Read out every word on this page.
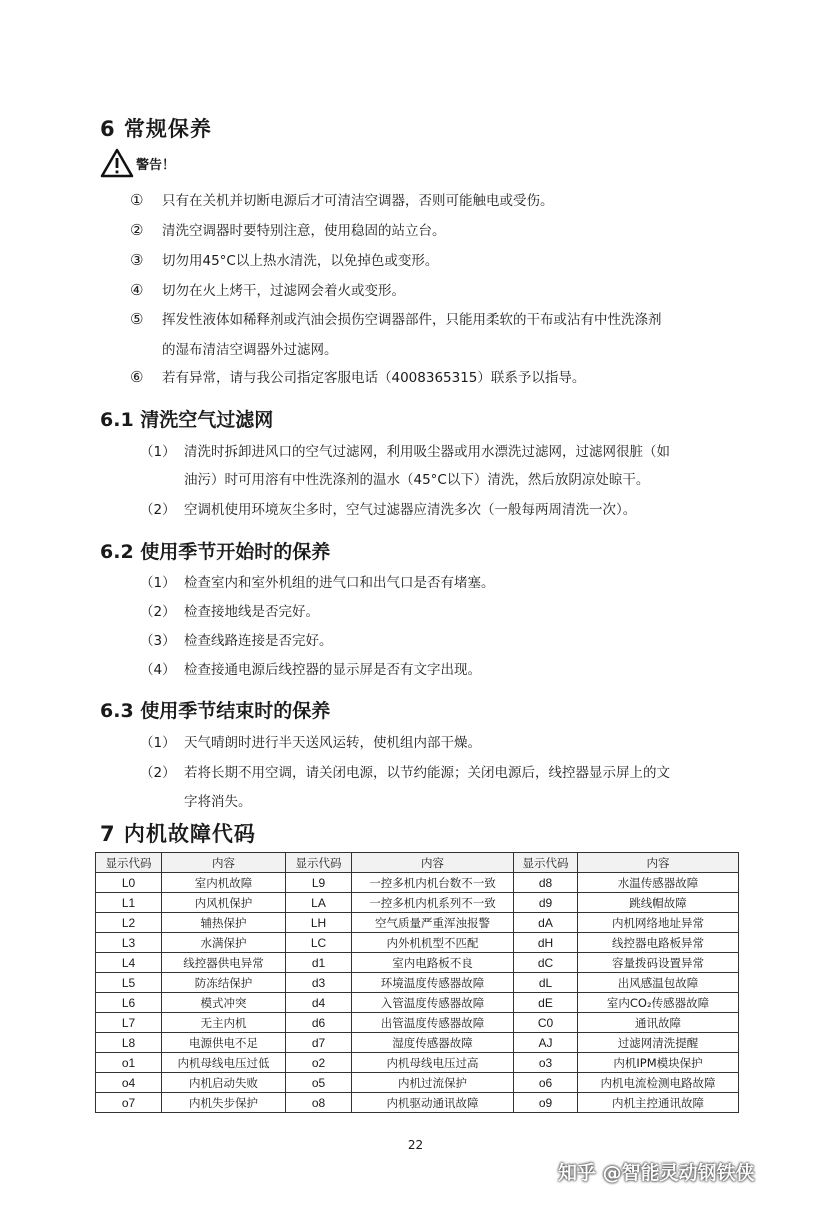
6 常规保养
警告！
① 只有在关机并切断电源后才可清洁空调器，否则可能触电或受伤。
② 清洗空调器时要特别注意，使用稳固的站立台。
③ 切勿用45°C以上热水清洗，以免掉色或变形。
④ 切勿在火上烤干，过滤网会着火或变形。
⑤ 挥发性液体如稀释剂或汽油会损伤空调器部件，只能用柔软的干布或沾有中性洗涤剂
的湿布清洁空调器外过滤网。
⑥ 若有异常，请与我公司指定客服电话（4008365315）联系予以指导。
6.1 清洗空气过滤网
（1） 清洗时拆卸进风口的空气过滤网，利用吸尘器或用水漂洗过滤网，过滤网很脏（如
油污）时可用溶有中性洗涤剂的温水（45°C以下）清洗，然后放阴凉处晾干。
（2） 空调机使用环境灰尘多时，空气过滤器应清洗多次（一般每两周清洗一次）。
6.2 使用季节开始时的保养
（1） 检查室内和室外机组的进气口和出气口是否有堵塞。
（2） 检查接地线是否完好。
（3） 检查线路连接是否完好。
（4） 检查接通电源后线控器的显示屏是否有文字出现。
6.3 使用季节结束时的保养
（1） 天气晴朗时进行半天送风运转，使机组内部干燥。
（2） 若将长期不用空调，请关闭电源，以节约能源；关闭电源后，线控器显示屏上的文
字将消失。
7 内机故障代码
显示代码	内容	显示代码	内容	显示代码	内容
L0	室内机故障	L9	一控多机内机台数不一致	d8	水温传感器故障
L1	内风机保护	LA	一控多机内机系列不一致	d9	跳线帽故障
L2	辅热保护	LH	空气质量严重浑浊报警	dA	内机网络地址异常
L3	水满保护	LC	内外机机型不匹配	dH	线控器电路板异常
L4	线控器供电异常	d1	室内电路板不良	dC	容量拨码设置异常
L5	防冻结保护	d3	环境温度传感器故障	dL	出风感温包故障
L6	模式冲突	d4	入管温度传感器故障	dE	室内CO₂传感器故障
L7	无主内机	d6	出管温度传感器故障	C0	通讯故障
L8	电源供电不足	d7	湿度传感器故障	AJ	过滤网清洗提醒
o1	内机母线电压过低	o2	内机母线电压过高	o3	内机IPM模块保护
o4	内机启动失败	o5	内机过流保护	o6	内机电流检测电路故障
o7	内机失步保护	o8	内机驱动通讯故障	o9	内机主控通讯故障
22
知乎 @智能灵动钢铁侠
